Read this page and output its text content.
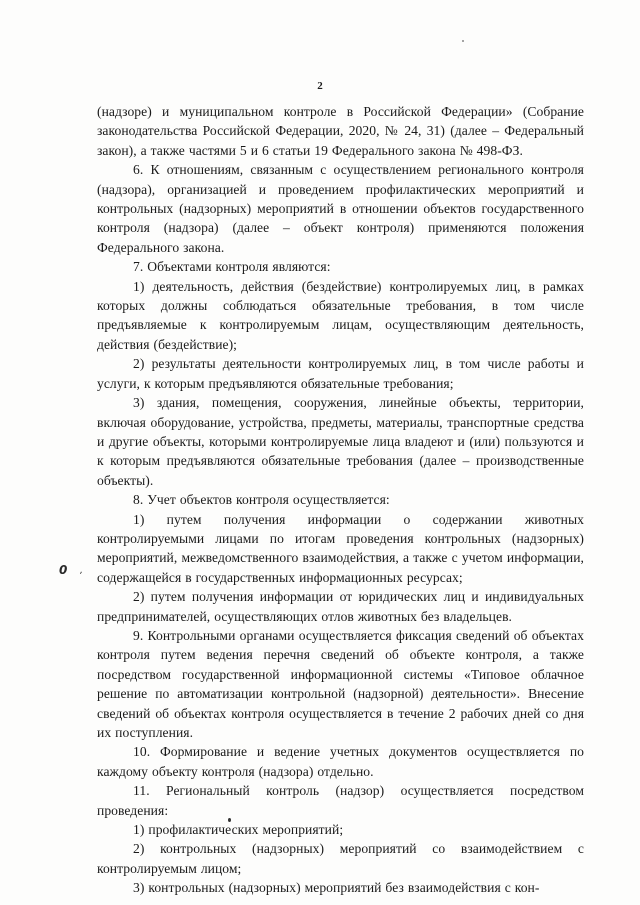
2
0 ,

(надзоре) и муниципальном контроле в Российской Федерации» (Собрание законодательства Российской Федерации, 2020, № 24, 31) (далее – Федеральный закон), а также частями 5 и 6 статьи 19 Федерального закона № 498-ФЗ.

6. К отношениям, связанным с осуществлением регионального контроля (надзора), организацией и проведением профилактических мероприятий и контрольных (надзорных) мероприятий в отношении объектов государственного контроля (надзора) (далее – объект контроля) применяются положения Федерального закона.

7. Объектами контроля являются:

1) деятельность, действия (бездействие) контролируемых лиц, в рамках которых должны соблюдаться обязательные требования, в том числе предъявляемые к контролируемым лицам, осуществляющим деятельность, действия (бездействие);

2) результаты деятельности контролируемых лиц, в том числе работы и услуги, к которым предъявляются обязательные требования;

3) здания, помещения, сооружения, линейные объекты, территории, включая оборудование, устройства, предметы, материалы, транспортные средства и другие объекты, которыми контролируемые лица владеют и (или) пользуются и к которым предъявляются обязательные требования (далее – производственные объекты).

8. Учет объектов контроля осуществляется:

1) путем получения информации о содержании животных контролируемыми лицами по итогам проведения контрольных (надзорных) мероприятий, межведомственного взаимодействия, а также с учетом информации, содержащейся в государственных информационных ресурсах;

2) путем получения информации от юридических лиц и индивидуальных предпринимателей, осуществляющих отлов животных без владельцев.

9. Контрольными органами осуществляется фиксация сведений об объектах контроля путем ведения перечня сведений об объекте контроля, а также посредством государственной информационной системы «Типовое облачное решение по автоматизации контрольной (надзорной) деятельности». Внесение сведений об объектах контроля осуществляется в течение 2 рабочих дней со дня их поступления.

10. Формирование и ведение учетных документов осуществляется по каждому объекту контроля (надзора) отдельно.

11. Региональный контроль (надзор) осуществляется посредством проведения:

1) профилактических мероприятий;

2) контрольных (надзорных) мероприятий со взаимодействием с контролируемым лицом;

3) контрольных (надзорных) мероприятий без взаимодействия с кон-
